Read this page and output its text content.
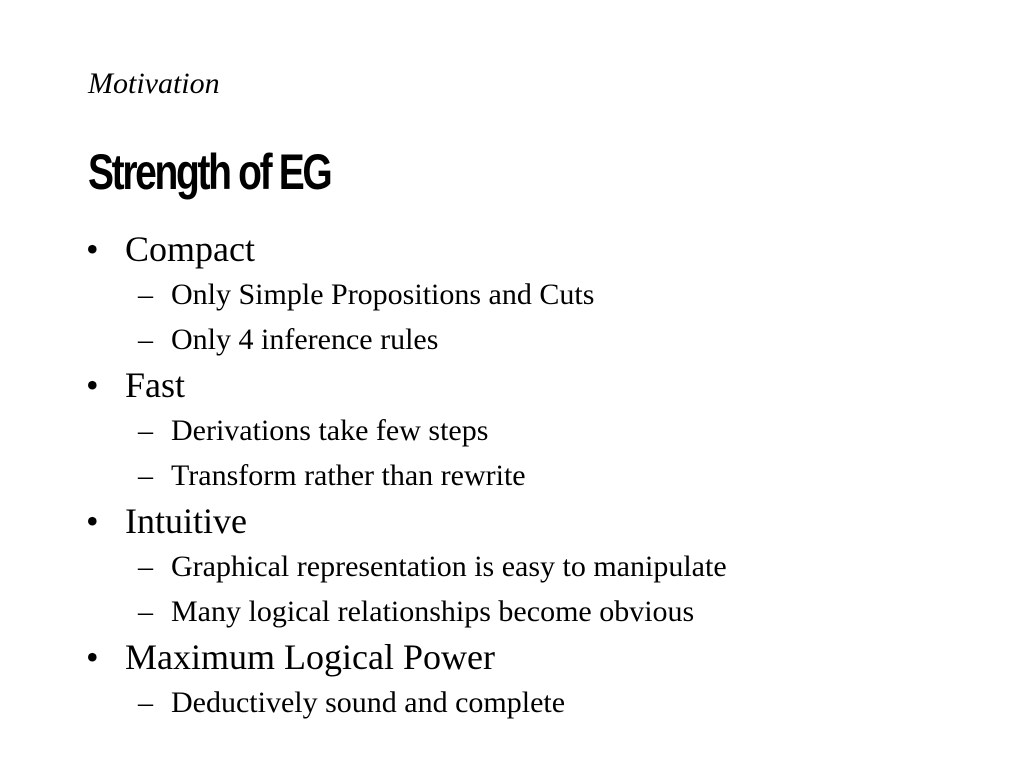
Motivation
Strength of EG
• Compact
– Only Simple Propositions and Cuts
– Only 4 inference rules
• Fast
– Derivations take few steps
– Transform rather than rewrite
• Intuitive
– Graphical representation is easy to manipulate
– Many logical relationships become obvious
• Maximum Logical Power
– Deductively sound and complete
